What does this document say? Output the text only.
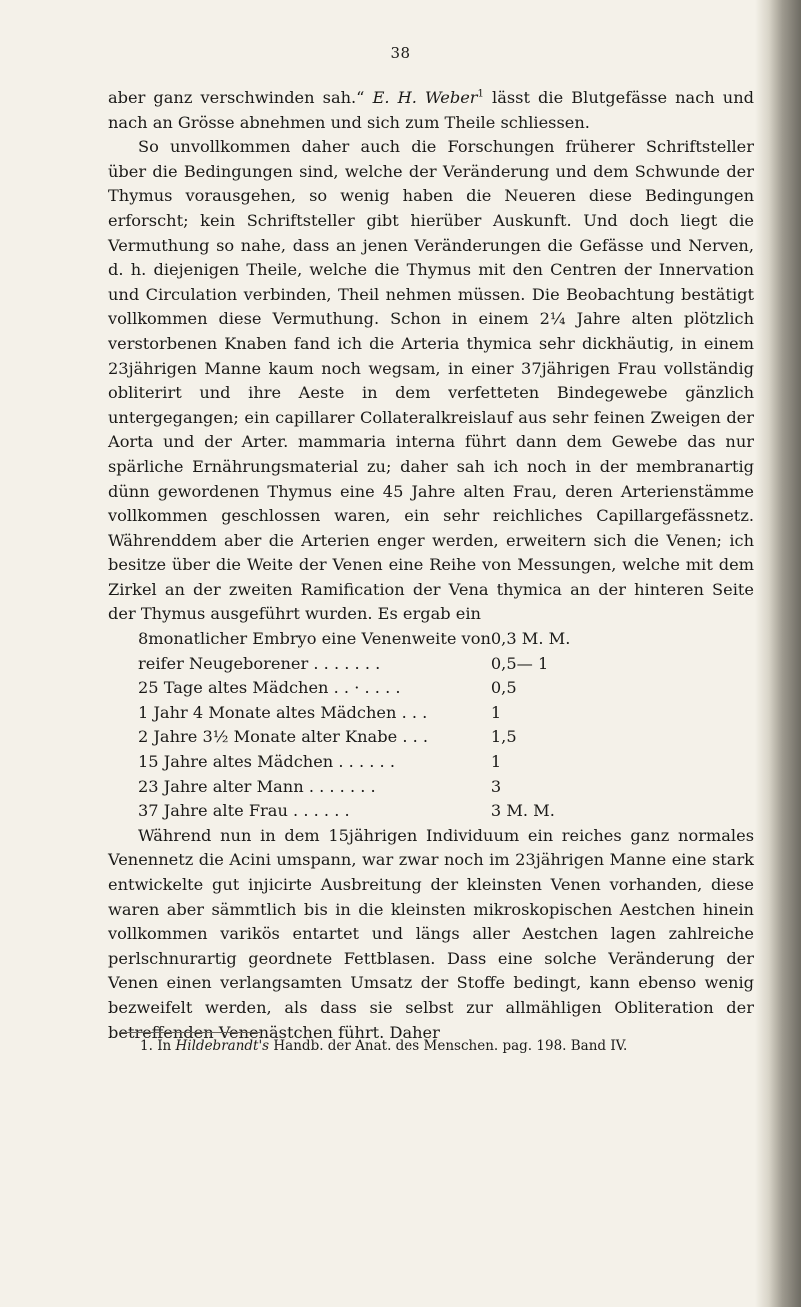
38

aber ganz verschwinden sah.“ E. H. Weber$^1$ lässt die Blutgefässe nach und nach an Grösse abnehmen und sich zum Theile schliessen.

So unvollkommen daher auch die Forschungen früherer Schriftsteller über die Bedingungen sind, welche der Veränderung und dem Schwunde der Thymus vorausgehen, so wenig haben die Neueren diese Bedingungen erforscht; kein Schriftsteller gibt hierüber Auskunft. Und doch liegt die Vermuthung so nahe, dass an jenen Veränderungen die Gefässe und Nerven, d. h. diejenigen Theile, welche die Thymus mit den Centren der Innervation und Circulation verbinden, Theil nehmen müssen. Die Beobachtung bestätigt vollkommen diese Vermuthung. Schon in einem 2¼ Jahre alten plötzlich verstorbenen Knaben fand ich die Arteria thymica sehr dickhäutig, in einem 23jährigen Manne kaum noch wegsam, in einer 37jährigen Frau vollständig obliterirt und ihre Aeste in dem verfetteten Bindegewebe gänzlich untergegangen; ein capillarer Collateralkreislauf aus sehr feinen Zweigen der Aorta und der Arter. mammaria interna führt dann dem Gewebe das nur spärliche Ernährungsmaterial zu; daher sah ich noch in der membranartig dünn gewordenen Thymus eine 45 Jahre alten Frau, deren Arterienstämme vollkommen geschlossen waren, ein sehr reichliches Capillargefässnetz. Währenddem aber die Arterien enger werden, erweitern sich die Venen; ich besitze über die Weite der Venen eine Reihe von Messungen, welche mit dem Zirkel an der zweiten Ramification der Vena thymica an der hinteren Seite der Thymus ausgeführt wurden. Es ergab ein

8monatlicher Embryo eine Venenweite von	0,3 M. M.
reifer Neugeborener . . . . . . .	0,5— 1
25 Tage altes Mädchen . . · . . . .	0,5
1 Jahr 4 Monate altes Mädchen . . .	1
2 Jahre 3½ Monate alter Knabe . . .	1,5
15 Jahre altes Mädchen . . . . . .	1
23 Jahre alter Mann . . . . . . .	3
37 Jahre alte Frau . . . . . .	3 M. M.

Während nun in dem 15jährigen Individuum ein reiches ganz normales Venennetz die Acini umspann, war zwar noch im 23jährigen Manne eine stark entwickelte gut injicirte Ausbreitung der kleinsten Venen vorhanden, diese waren aber sämmtlich bis in die kleinsten mikroskopischen Aestchen hinein vollkommen varikös entartet und längs aller Aestchen lagen zahlreiche perlschnurartig geordnete Fettblasen. Dass eine solche Veränderung der Venen einen verlangsamten Umsatz der Stoffe bedingt, kann ebenso wenig bezweifelt werden, als dass sie selbst zur allmähligen Obliteration der betreffenden Venenästchen führt. Daher

1. In Hildebrandt's Handb. der Anat. des Menschen. pag. 198. Band IV.
